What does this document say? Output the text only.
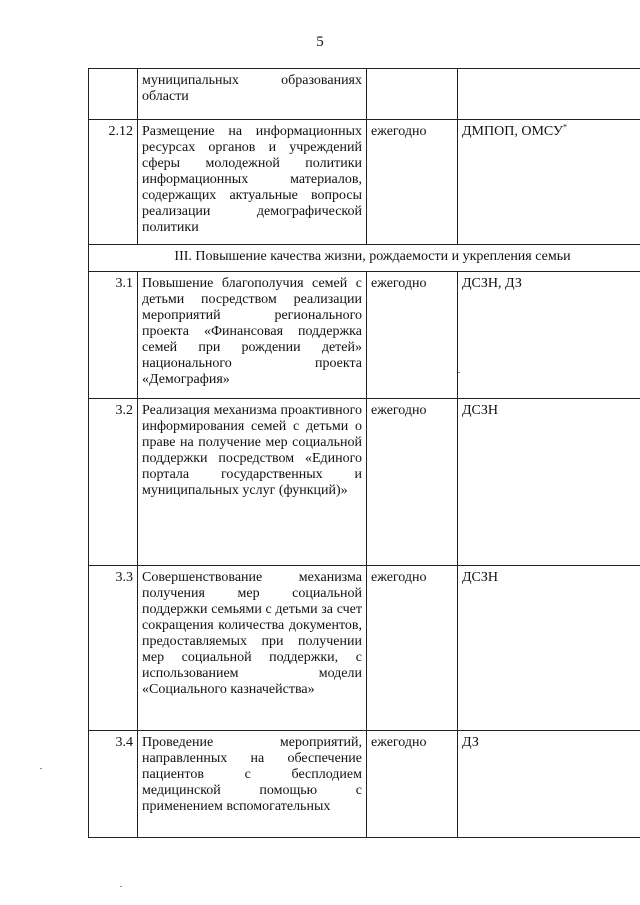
5
	муниципальных образованиях области		
2.12	Размещение на информационных ресурсах органов и учреждений сферы молодежной политики информационных материалов, содержащих актуальные вопросы реализации демографической политики	ежегодно	ДМПОП, ОМСУ*
III. Повышение качества жизни, рождаемости и укрепления семьи			
3.1	Повышение благополучия семей с детьми посредством реализации мероприятий регионального проекта «Финансовая поддержка семей при рождении детей» национального проекта «Демография»	ежегодно	ДСЗН, ДЗ
3.2	Реализация механизма проактивного информирования семей с детьми о праве на получение мер социальной поддержки посредством «Единого портала государственных и муниципальных услуг (функций)»	ежегодно	ДСЗН
3.3	Совершенствование механизма получения мер социальной поддержки семьями с детьми за счет сокращения количества документов, предоставляемых при получении мер социальной поддержки, с использованием модели «Социального казначейства»	ежегодно	ДСЗН
3.4	Проведение мероприятий, направленных на обеспечение пациентов с бесплодием медицинской помощью с применением вспомогательных	ежегодно	ДЗ
